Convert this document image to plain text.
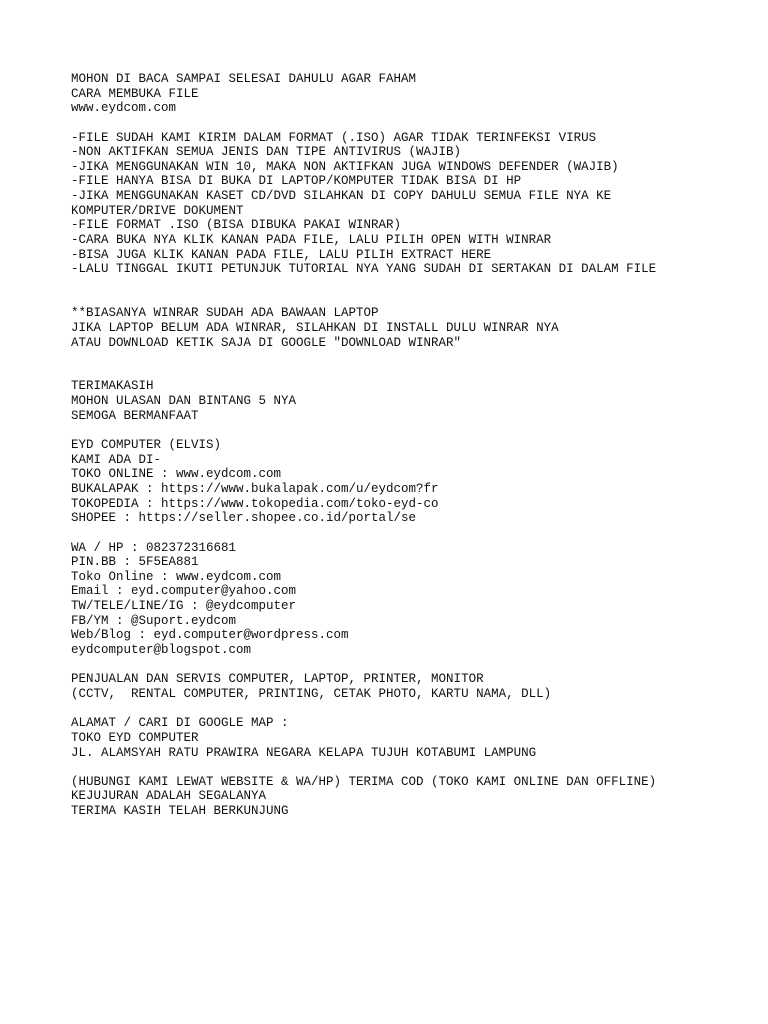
MOHON DI BACA SAMPAI SELESAI DAHULU AGAR FAHAM
CARA MEMBUKA FILE
www.eydcom.com
-FILE SUDAH KAMI KIRIM DALAM FORMAT (.ISO) AGAR TIDAK TERINFEKSI VIRUS
-NON AKTIFKAN SEMUA JENIS DAN TIPE ANTIVIRUS (WAJIB)
-JIKA MENGGUNAKAN WIN 10, MAKA NON AKTIFKAN JUGA WINDOWS DEFENDER (WAJIB)
-FILE HANYA BISA DI BUKA DI LAPTOP/KOMPUTER TIDAK BISA DI HP
-JIKA MENGGUNAKAN KASET CD/DVD SILAHKAN DI COPY DAHULU SEMUA FILE NYA KE
KOMPUTER/DRIVE DOKUMENT
-FILE FORMAT .ISO (BISA DIBUKA PAKAI WINRAR)
-CARA BUKA NYA KLIK KANAN PADA FILE, LALU PILIH OPEN WITH WINRAR
-BISA JUGA KLIK KANAN PADA FILE, LALU PILIH EXTRACT HERE
-LALU TINGGAL IKUTI PETUNJUK TUTORIAL NYA YANG SUDAH DI SERTAKAN DI DALAM FILE
**BIASANYA WINRAR SUDAH ADA BAWAAN LAPTOP
JIKA LAPTOP BELUM ADA WINRAR, SILAHKAN DI INSTALL DULU WINRAR NYA
ATAU DOWNLOAD KETIK SAJA DI GOOGLE "DOWNLOAD WINRAR"
TERIMAKASIH
MOHON ULASAN DAN BINTANG 5 NYA
SEMOGA BERMANFAAT
EYD COMPUTER (ELVIS)
KAMI ADA DI-
TOKO ONLINE : www.eydcom.com
BUKALAPAK : https://www.bukalapak.com/u/eydcom?fr
TOKOPEDIA : https://www.tokopedia.com/toko-eyd-co
SHOPEE : https://seller.shopee.co.id/portal/se
WA / HP : 082372316681
PIN.BB : 5F5EA881
Toko Online : www.eydcom.com
Email : eyd.computer@yahoo.com
TW/TELE/LINE/IG : @eydcomputer
FB/YM : @Suport.eydcom
Web/Blog : eyd.computer@wordpress.com
eydcomputer@blogspot.com
PENJUALAN DAN SERVIS COMPUTER, LAPTOP, PRINTER, MONITOR
(CCTV,  RENTAL COMPUTER, PRINTING, CETAK PHOTO, KARTU NAMA, DLL)
ALAMAT / CARI DI GOOGLE MAP :
TOKO EYD COMPUTER
JL. ALAMSYAH RATU PRAWIRA NEGARA KELAPA TUJUH KOTABUMI LAMPUNG
(HUBUNGI KAMI LEWAT WEBSITE & WA/HP) TERIMA COD (TOKO KAMI ONLINE DAN OFFLINE)
KEJUJURAN ADALAH SEGALANYA
TERIMA KASIH TELAH BERKUNJUNG
